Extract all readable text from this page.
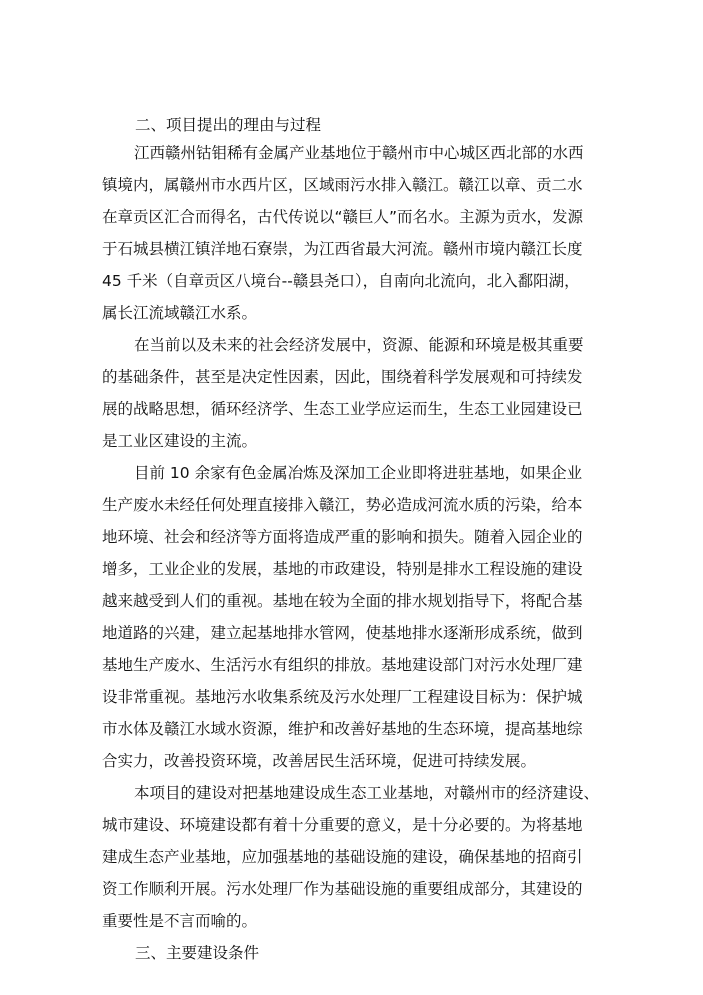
二、项目提出的理由与过程
江西赣州钴钼稀有金属产业基地位于赣州市中心城区西北部的水西
镇境内，属赣州市水西片区，区域雨污水排入赣江。赣江以章、贡二水
在章贡区汇合而得名，古代传说以“赣巨人”而名水。主源为贡水，发源
于石城县横江镇洋地石寮崇，为江西省最大河流。赣州市境内赣江长度
45 千米（自章贡区八境台--赣县尧口），自南向北流向，北入鄱阳湖，
属长江流域赣江水系。
在当前以及未来的社会经济发展中，资源、能源和环境是极其重要
的基础条件，甚至是决定性因素，因此，围绕着科学发展观和可持续发
展的战略思想，循环经济学、生态工业学应运而生，生态工业园建设已
是工业区建设的主流。
目前 10 余家有色金属冶炼及深加工企业即将进驻基地，如果企业
生产废水未经任何处理直接排入赣江，势必造成河流水质的污染，给本
地环境、社会和经济等方面将造成严重的影响和损失。随着入园企业的
增多，工业企业的发展，基地的市政建设，特别是排水工程设施的建设
越来越受到人们的重视。基地在较为全面的排水规划指导下，将配合基
地道路的兴建，建立起基地排水管网，使基地排水逐渐形成系统，做到
基地生产废水、生活污水有组织的排放。基地建设部门对污水处理厂建
设非常重视。基地污水收集系统及污水处理厂工程建设目标为：保护城
市水体及赣江水域水资源，维护和改善好基地的生态环境，提高基地综
合实力，改善投资环境，改善居民生活环境，促进可持续发展。
本项目的建设对把基地建设成生态工业基地，对赣州市的经济建设、
城市建设、环境建设都有着十分重要的意义，是十分必要的。为将基地
建成生态产业基地，应加强基地的基础设施的建设，确保基地的招商引
资工作顺利开展。污水处理厂作为基础设施的重要组成部分，其建设的
重要性是不言而喻的。
三、主要建设条件
